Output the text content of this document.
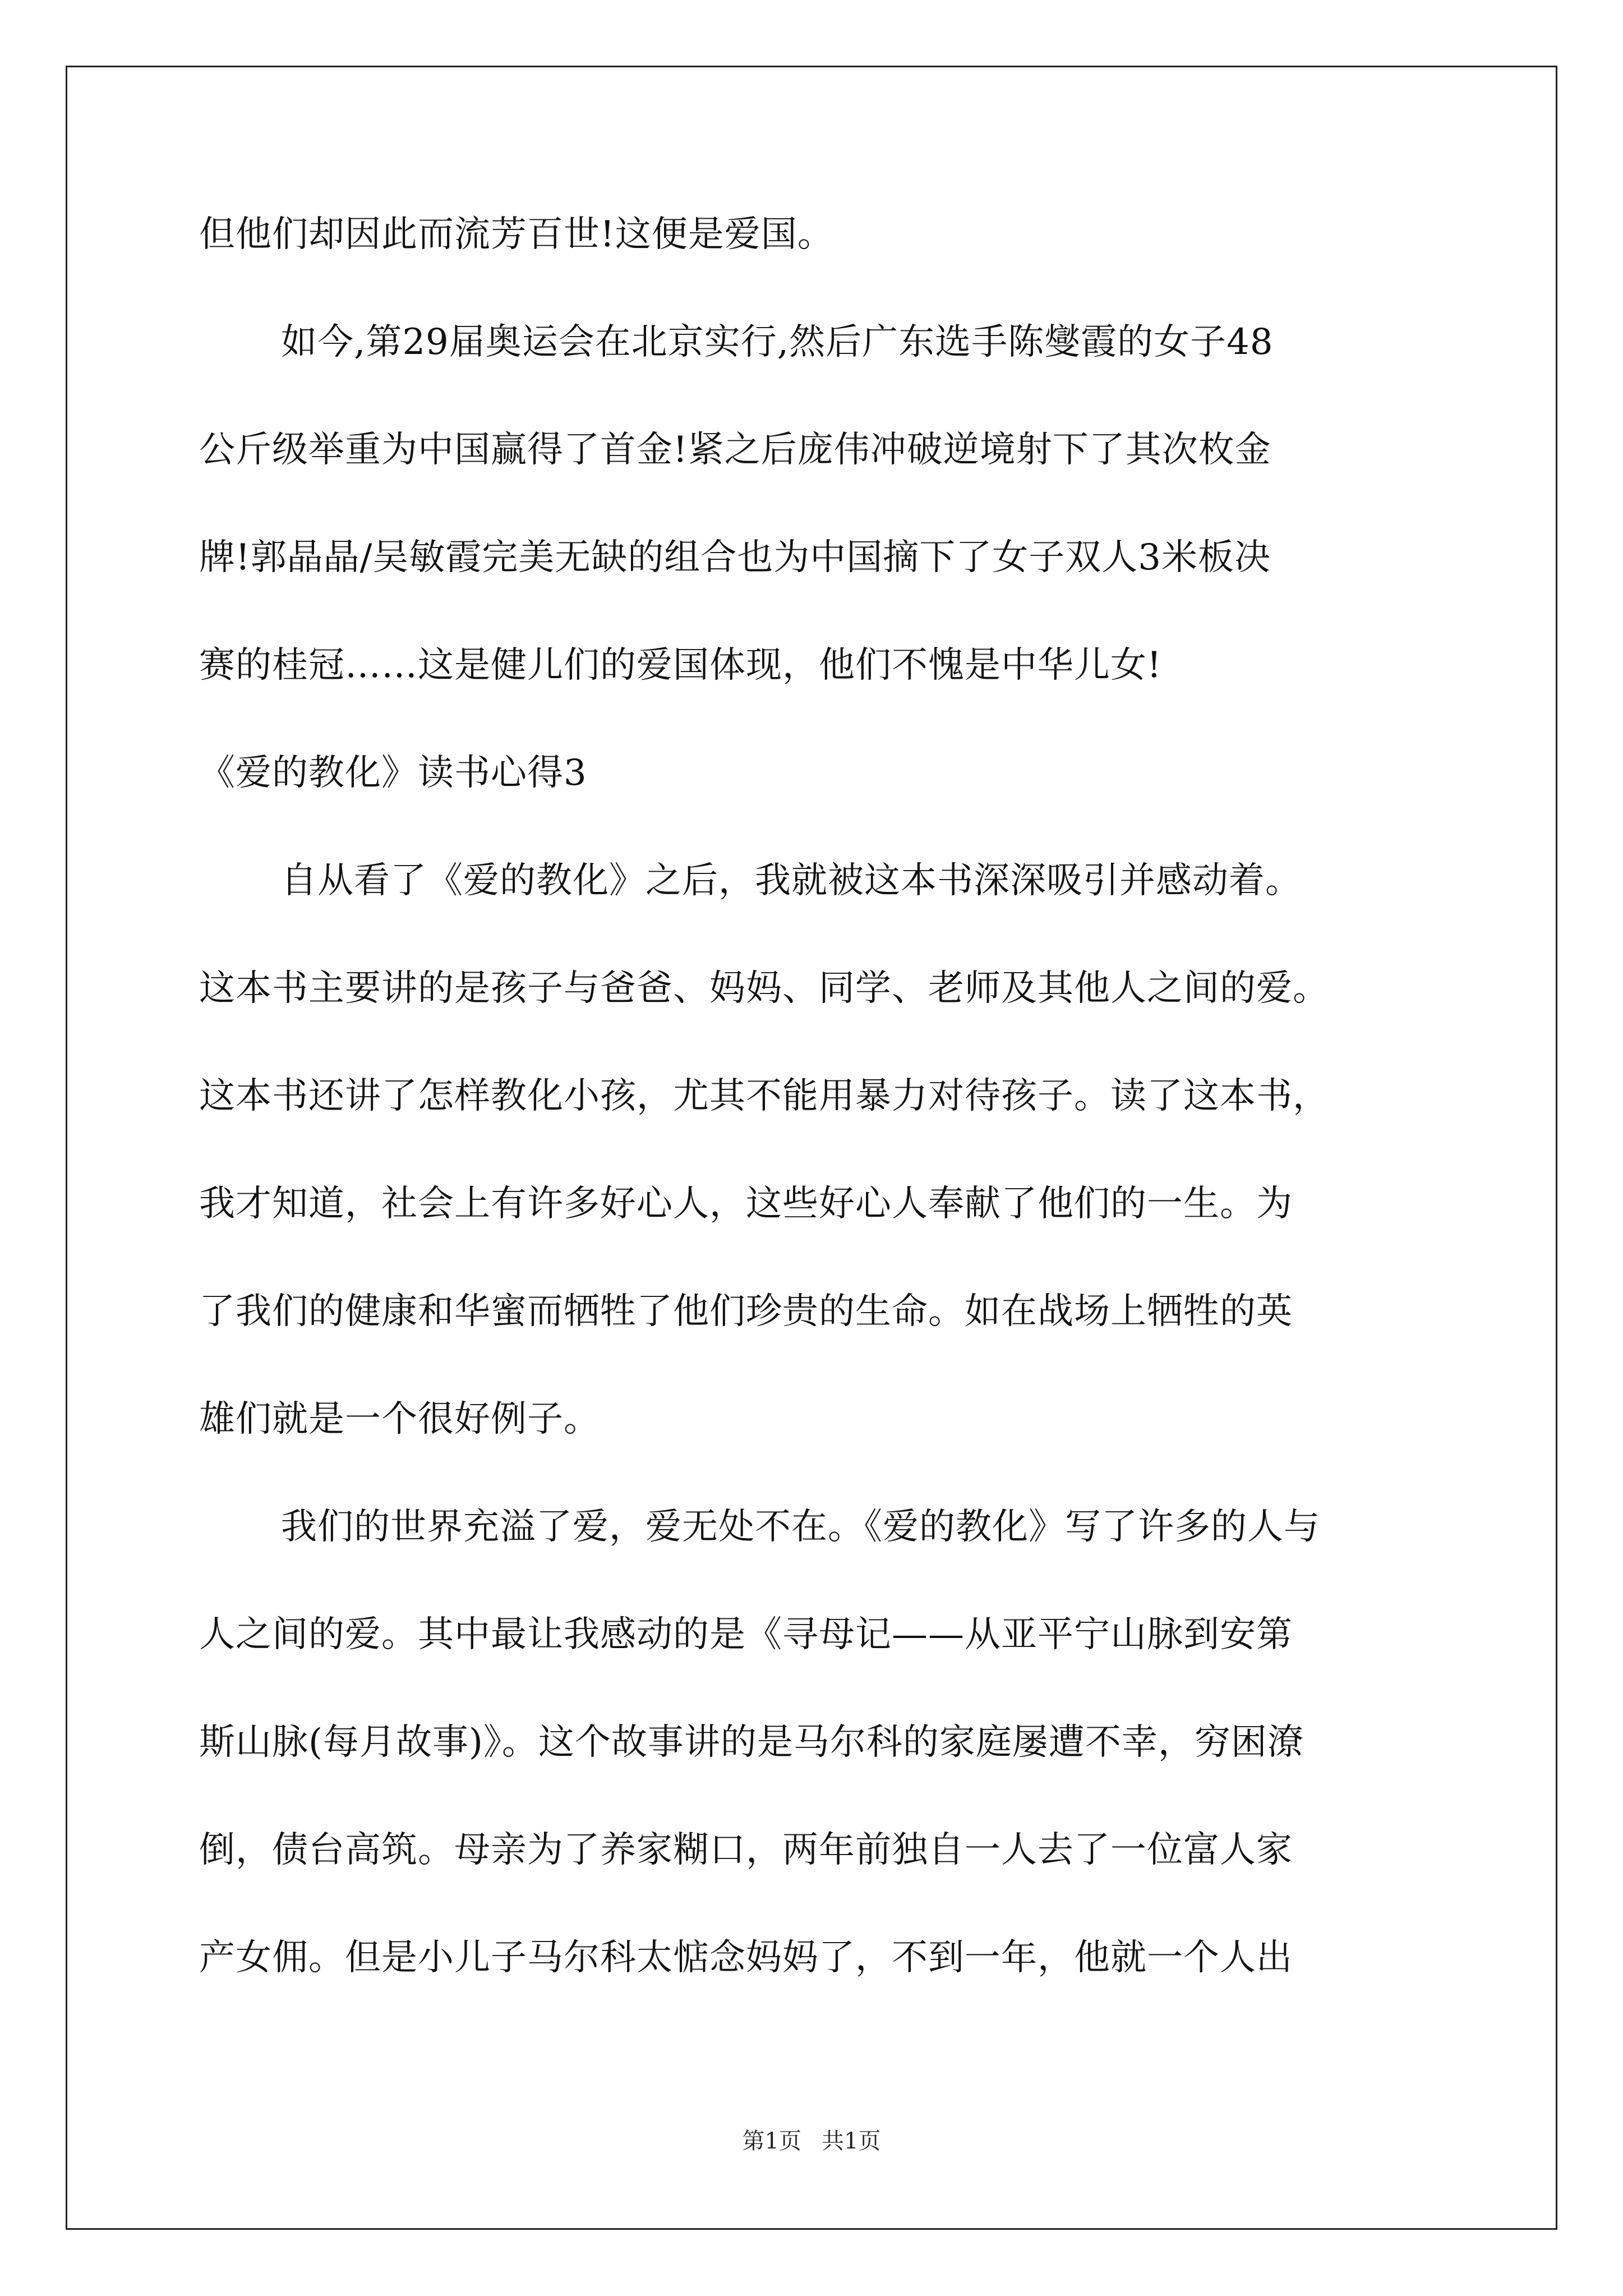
但他们却因此而流芳百世!这便是爱国。
如今,第29届奥运会在北京实行,然后广东选手陈燮霞的女子48
公斤级举重为中国赢得了首金!紧之后庞伟冲破逆境射下了其次枚金
牌!郭晶晶/吴敏霞完美无缺的组合也为中国摘下了女子双人3米板决
赛的桂冠……这是健儿们的爱国体现，他们不愧是中华儿女!
《爱的教化》读书心得3
自从看了《爱的教化》之后，我就被这本书深深吸引并感动着。
这本书主要讲的是孩子与爸爸、妈妈、同学、老师及其他人之间的爱。
这本书还讲了怎样教化小孩，尤其不能用暴力对待孩子。读了这本书，
我才知道，社会上有许多好心人，这些好心人奉献了他们的一生。为
了我们的健康和华蜜而牺牲了他们珍贵的生命。如在战场上牺牲的英
雄们就是一个很好例子。
我们的世界充溢了爱，爱无处不在。《爱的教化》写了许多的人与
人之间的爱。其中最让我感动的是《寻母记——从亚平宁山脉到安第
斯山脉(每月故事)》。这个故事讲的是马尔科的家庭屡遭不幸，穷困潦
倒，债台高筑。母亲为了养家糊口，两年前独自一人去了一位富人家
产女佣。但是小儿子马尔科太惦念妈妈了，不到一年，他就一个人出
第1页 共1页
